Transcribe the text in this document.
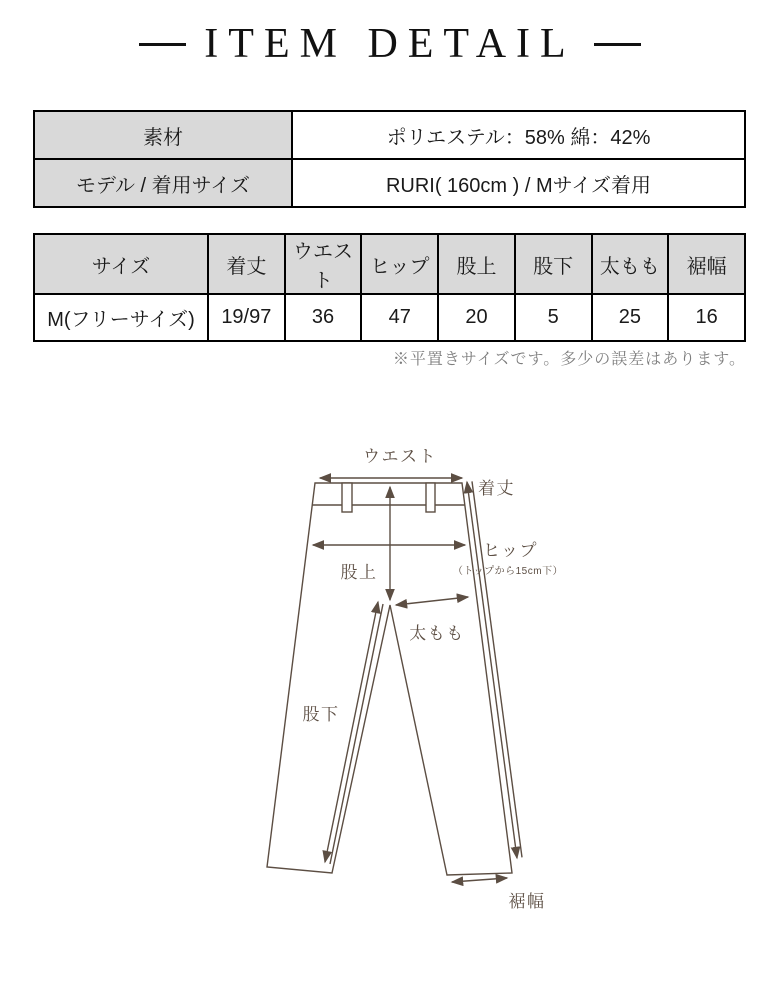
ITEM DETAIL
素材	ポリエステル：58% 綿：42%
モデル / 着用サイズ	RURI( 160cm ) / Mサイズ着用
サイズ	着丈	ウエスト	ヒップ	股上	股下	太もも	裾幅
M(フリーサイズ)	19/97	36	47	20	5	25	16
※平置きサイズです。多少の誤差はあります。
ウエスト
着丈
ヒップ
（トップから15cm下）
股上
太もも
股下
裾幅
